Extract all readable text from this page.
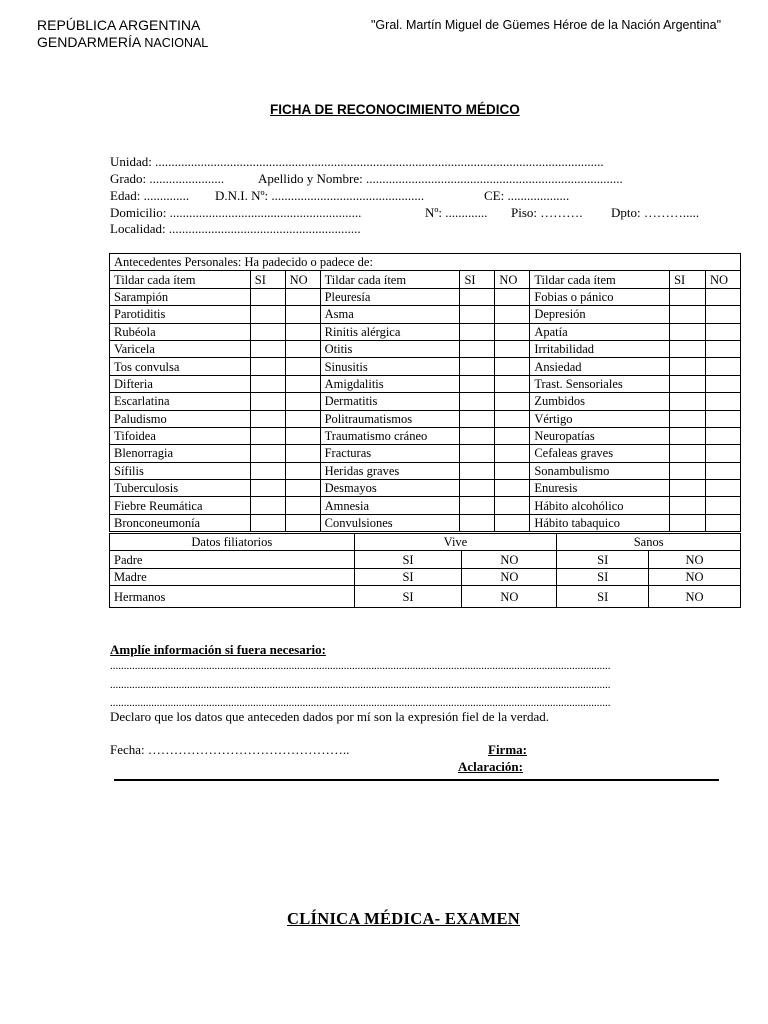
REPÚBLICA ARGENTINA
GENDARMERÍA NACIONAL
"Gral. Martín Miguel de Güemes Héroe de la Nación Argentina"
FICHA DE RECONOCIMIENTO MÉDICO
Unidad: ..........................................................................................................................................
Grado: .......................	Apellido y Nombre: ...............................................................................
Edad: .............. D.N.I. Nº: ...............................................	CE: ...................
Domicilio: ...........................................................	Nº: ............. Piso: ………. Dpto: ……….....
Localidad: ...........................................................
Antecedentes Personales: Ha padecido o padece de:								
Tildar cada ítem	SI	NO	Tildar cada ítem	SI	NO	Tildar cada ítem	SI	NO
Sarampión			Pleuresía			Fobias o pánico		
Parotiditis			Asma			Depresión		
Rubéola			Rinitis alérgica			Apatía		
Varicela			Otitis			Irritabilidad		
Tos convulsa			Sinusitis			Ansiedad		
Difteria			Amigdalitis			Trast. Sensoriales		
Escarlatina			Dermatitis			Zumbidos		
Paludismo			Politraumatismos			Vértigo		
Tifoidea			Traumatismo cráneo			Neuropatías		
Blenorragia			Fracturas			Cefaleas graves		
Sífilis			Heridas graves			Sonambulismo		
Tuberculosis			Desmayos			Enuresis		
Fiebre Reumática			Amnesia			Hábito alcohólico		
Bronconeumonía			Convulsiones			Hábito tabaquico		
Datos filiatorios	Vive		Sanos	
Padre	SI	NO	SI	NO
Madre	SI	NO	SI	NO
Hermanos	SI	NO	SI	NO
Amplíe información si fuera necesario:
......................................................................................................................................................................................
......................................................................................................................................................................................
......................................................................................................................................................................................
Declaro que los datos que anteceden dados por mí son la expresión fiel de la verdad.
Fecha: ………………………………………..	Firma:
Aclaración:
CLÍNICA MÉDICA- EXAMEN
